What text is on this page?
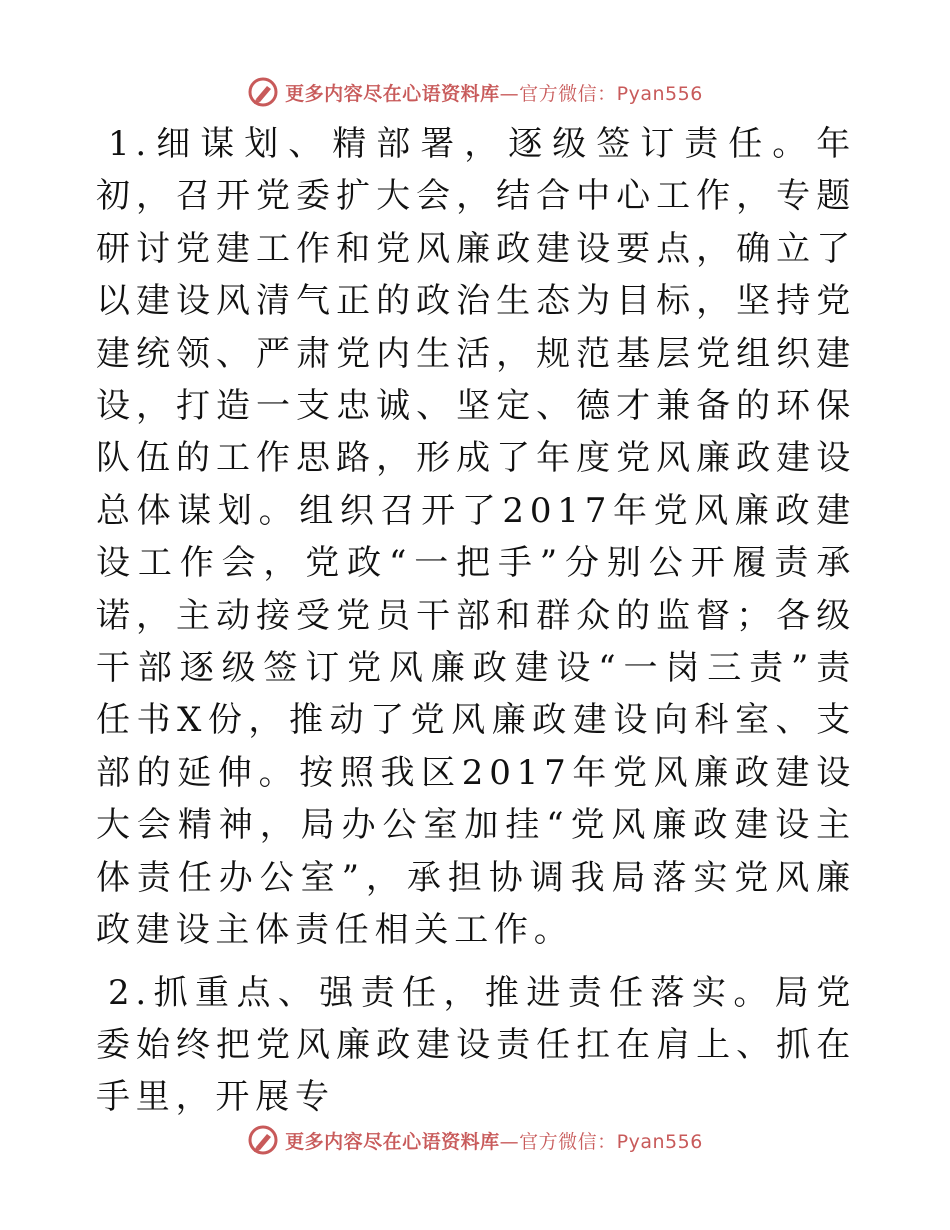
更多内容尽在心语资料库—官方微信：Pyan556

1.细谋划、精部署，逐级签订责任。年初，召开党委扩大会，结合中心工作，专题研讨党建工作和党风廉政建设要点，确立了以建设风清气正的政治生态为目标，坚持党建统领、严肃党内生活，规范基层党组织建设，打造一支忠诚、坚定、德才兼备的环保队伍的工作思路，形成了年度党风廉政建设总体谋划。组织召开了2017年党风廉政建设工作会，党政“一把手”分别公开履责承诺，主动接受党员干部和群众的监督；各级干部逐级签订党风廉政建设“一岗三责”责任书X份，推动了党风廉政建设向科室、支部的延伸。按照我区2017年党风廉政建设大会精神，局办公室加挂“党风廉政建设主体责任办公室”，承担协调我局落实党风廉政建设主体责任相关工作。

2.抓重点、强责任，推进责任落实。局党委始终把党风廉政建设责任扛在肩上、抓在手里，开展专

更多内容尽在心语资料库—官方微信：Pyan556
